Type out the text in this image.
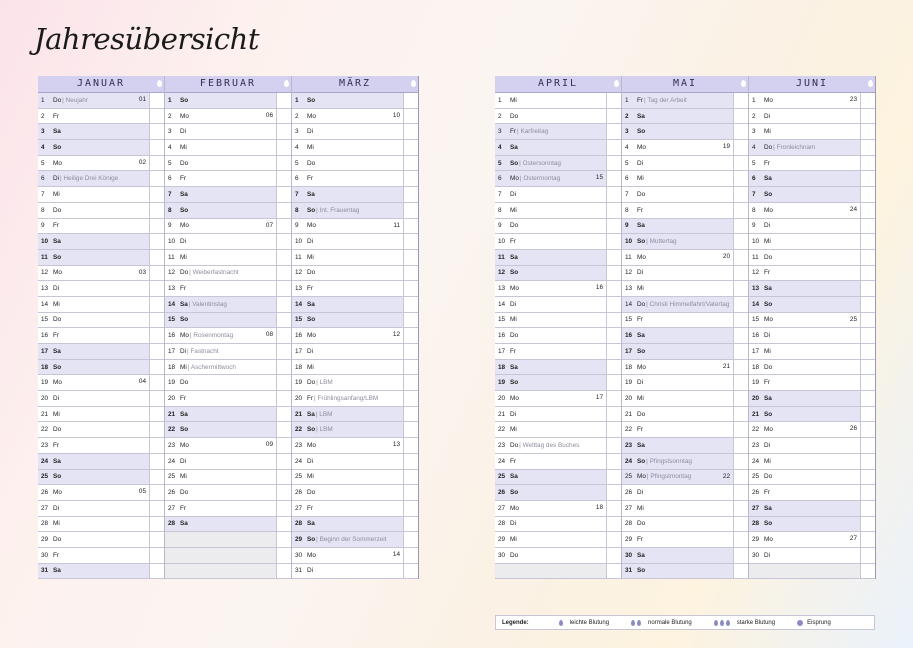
Jahresübersicht
JANUAR
1	Do | Neujahr	01
2	Fr
3	Sa
4	So
5	Mo	02
6	Di | Heilige Drei Könige
7	Mi
8	Do
9	Fr
10 Sa
11 So
12 Mo	03
13 Di
14 Mi
15 Do
16 Fr
17 Sa
18 So
19 Mo	04
20 Di
21 Mi
22 Do
23 Fr
24 Sa
25 So
26 Mo	05
27 Di
28 Mi
29 Do
30 Fr
31 Sa
FEBRUAR
1	So
2	Mo	06
3	Di
4	Mi
5	Do
6	Fr
7	Sa
8	So
9	Mo	07
10 Di
11 Mi
12 Do | Weiberfastnacht
13 Fr
14 Sa | Valentinstag
15 So
16 Mo | Rosenmontag	08
17 Di | Fastnacht
18 Mi | Aschermittwoch
19 Do
20 Fr
21 Sa
22 So
23 Mo	09
24 Di
25 Mi
26 Do
27 Fr
28 Sa
MÄRZ
1	So
2	Mo	10
3	Di
4	Mi
5	Do
6	Fr
7	Sa
8	So | Int. Frauentag
9	Mo	11
10 Di
11 Mi
12 Do
13 Fr
14 Sa
15 So
16 Mo	12
17 Di
18 Mi
19 Do | LBM
20 Fr | Frühlingsanfang/LBM
21 Sa | LBM
22 So | LBM
23 Mo	13
24 Di
25 Mi
26 Do
27 Fr
28 Sa
29 So | Beginn der Sommerzeit
30 Mo	14
31 Di
APRIL
1	Mi
2	Do
3	Fr | Karfreitag
4	Sa
5	So | Ostersonntag
6	Mo | Ostermontag	15
7	Di
8	Mi
9	Do
10 Fr
11 Sa
12 So
13 Mo	16
14 Di
15 Mi
16 Do
17 Fr
18 Sa
19 So
20 Mo	17
21 Di
22 Mi
23 Do | Welttag des Buches
24 Fr
25 Sa
26 So
27 Mo	18
28 Di
29 Mi
30 Do
MAI
1	Fr | Tag der Arbeit
2	Sa
3	So
4	Mo	19
5	Di
6	Mi
7	Do
8	Fr
9	Sa
10 So | Muttertag
11 Mo	20
12 Di
13 Mi
14 Do | Christi Himmelfahrt/Vatertag
15 Fr
16 Sa
17 So
18 Mo	21
19 Di
20 Mi
21 Do
22 Fr
23 Sa
24 So | Pfingstsonntag
25 Mo | Pfingstmontag	22
26 Di
27 Mi
28 Do
29 Fr
30 Sa
31 So
JUNI
1	Mo	23
2	Di
3	Mi
4	Do | Fronleichnam
5	Fr
6	Sa
7	So
8	Mo	24
9	Di
10 Mi
11 Do
12 Fr
13 Sa
14 So
15 Mo	25
16 Di
17 Mi
18 Do
19 Fr
20 Sa
21 So
22 Mo	26
23 Di
24 Mi
25 Do
26 Fr
27 Sa
28 So
29 Mo	27
30 Di
Legende:	leichte Blutung	normale Blutung	starke Blutung	Eisprung
